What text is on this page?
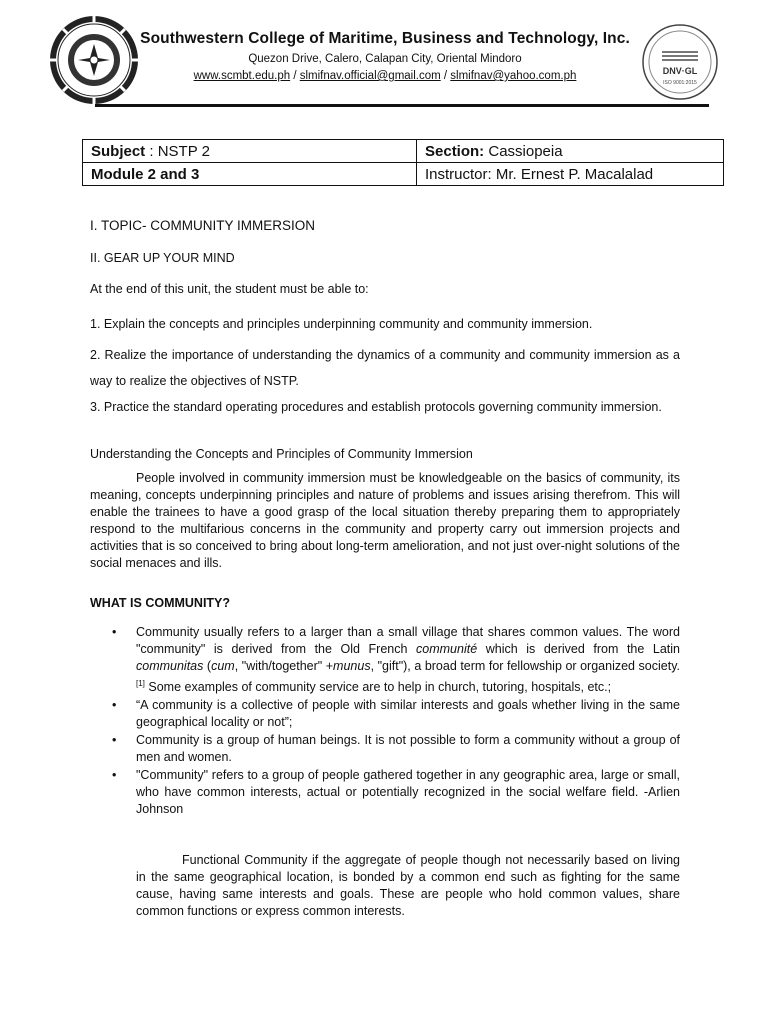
Southwestern College of Maritime, Business and Technology, Inc.
Quezon Drive, Calero, Calapan City, Oriental Mindoro
www.scmbt.edu.ph / slmifnav.official@gmail.com / slmifnav@yahoo.com.ph	DNV·GL
ISO 9001:2015
Subject : NSTP 2	Section: Cassiopeia
Module 2 and 3	Instructor: Mr. Ernest P. Macalalad
I. TOPIC- COMMUNITY IMMERSION
II. GEAR UP YOUR MIND
At the end of this unit, the student must be able to:
1. Explain the concepts and principles underpinning community and community immersion.
2. Realize the importance of understanding the dynamics of a community and community immersion as a way to realize the objectives of NSTP.
3. Practice the standard operating procedures and establish protocols governing community immersion.
Understanding the Concepts and Principles of Community Immersion
People involved in community immersion must be knowledgeable on the basics of community, its meaning, concepts underpinning principles and nature of problems and issues arising therefrom. This will enable the trainees to have a good grasp of the local situation thereby preparing them to appropriately respond to the multifarious concerns in the community and property carry out immersion projects and activities that is so conceived to bring about long-term amelioration, and not just over-night solutions of the social menaces and ills.
WHAT IS COMMUNITY?
• Community usually refers to a larger than a small village that shares common values. The word "community" is derived from the Old French communité which is derived from the Latin communitas (cum, "with/together" +munus, "gift"), a broad term for fellowship or organized society.[1] Some examples of community service are to help in church, tutoring, hospitals, etc.;
• “A community is a collective of people with similar interests and goals whether living in the same geographical locality or not”;
• Community is a group of human beings. It is not possible to form a community without a group of men and women.
• "Community" refers to a group of people gathered together in any geographic area, large or small, who have common interests, actual or potentially recognized in the social welfare field. -Arlien Johnson
Functional Community if the aggregate of people though not necessarily based on living in the same geographical location, is bonded by a common end such as fighting for the same cause, having same interests and goals. These are people who hold common values, share common functions or express common interests.
